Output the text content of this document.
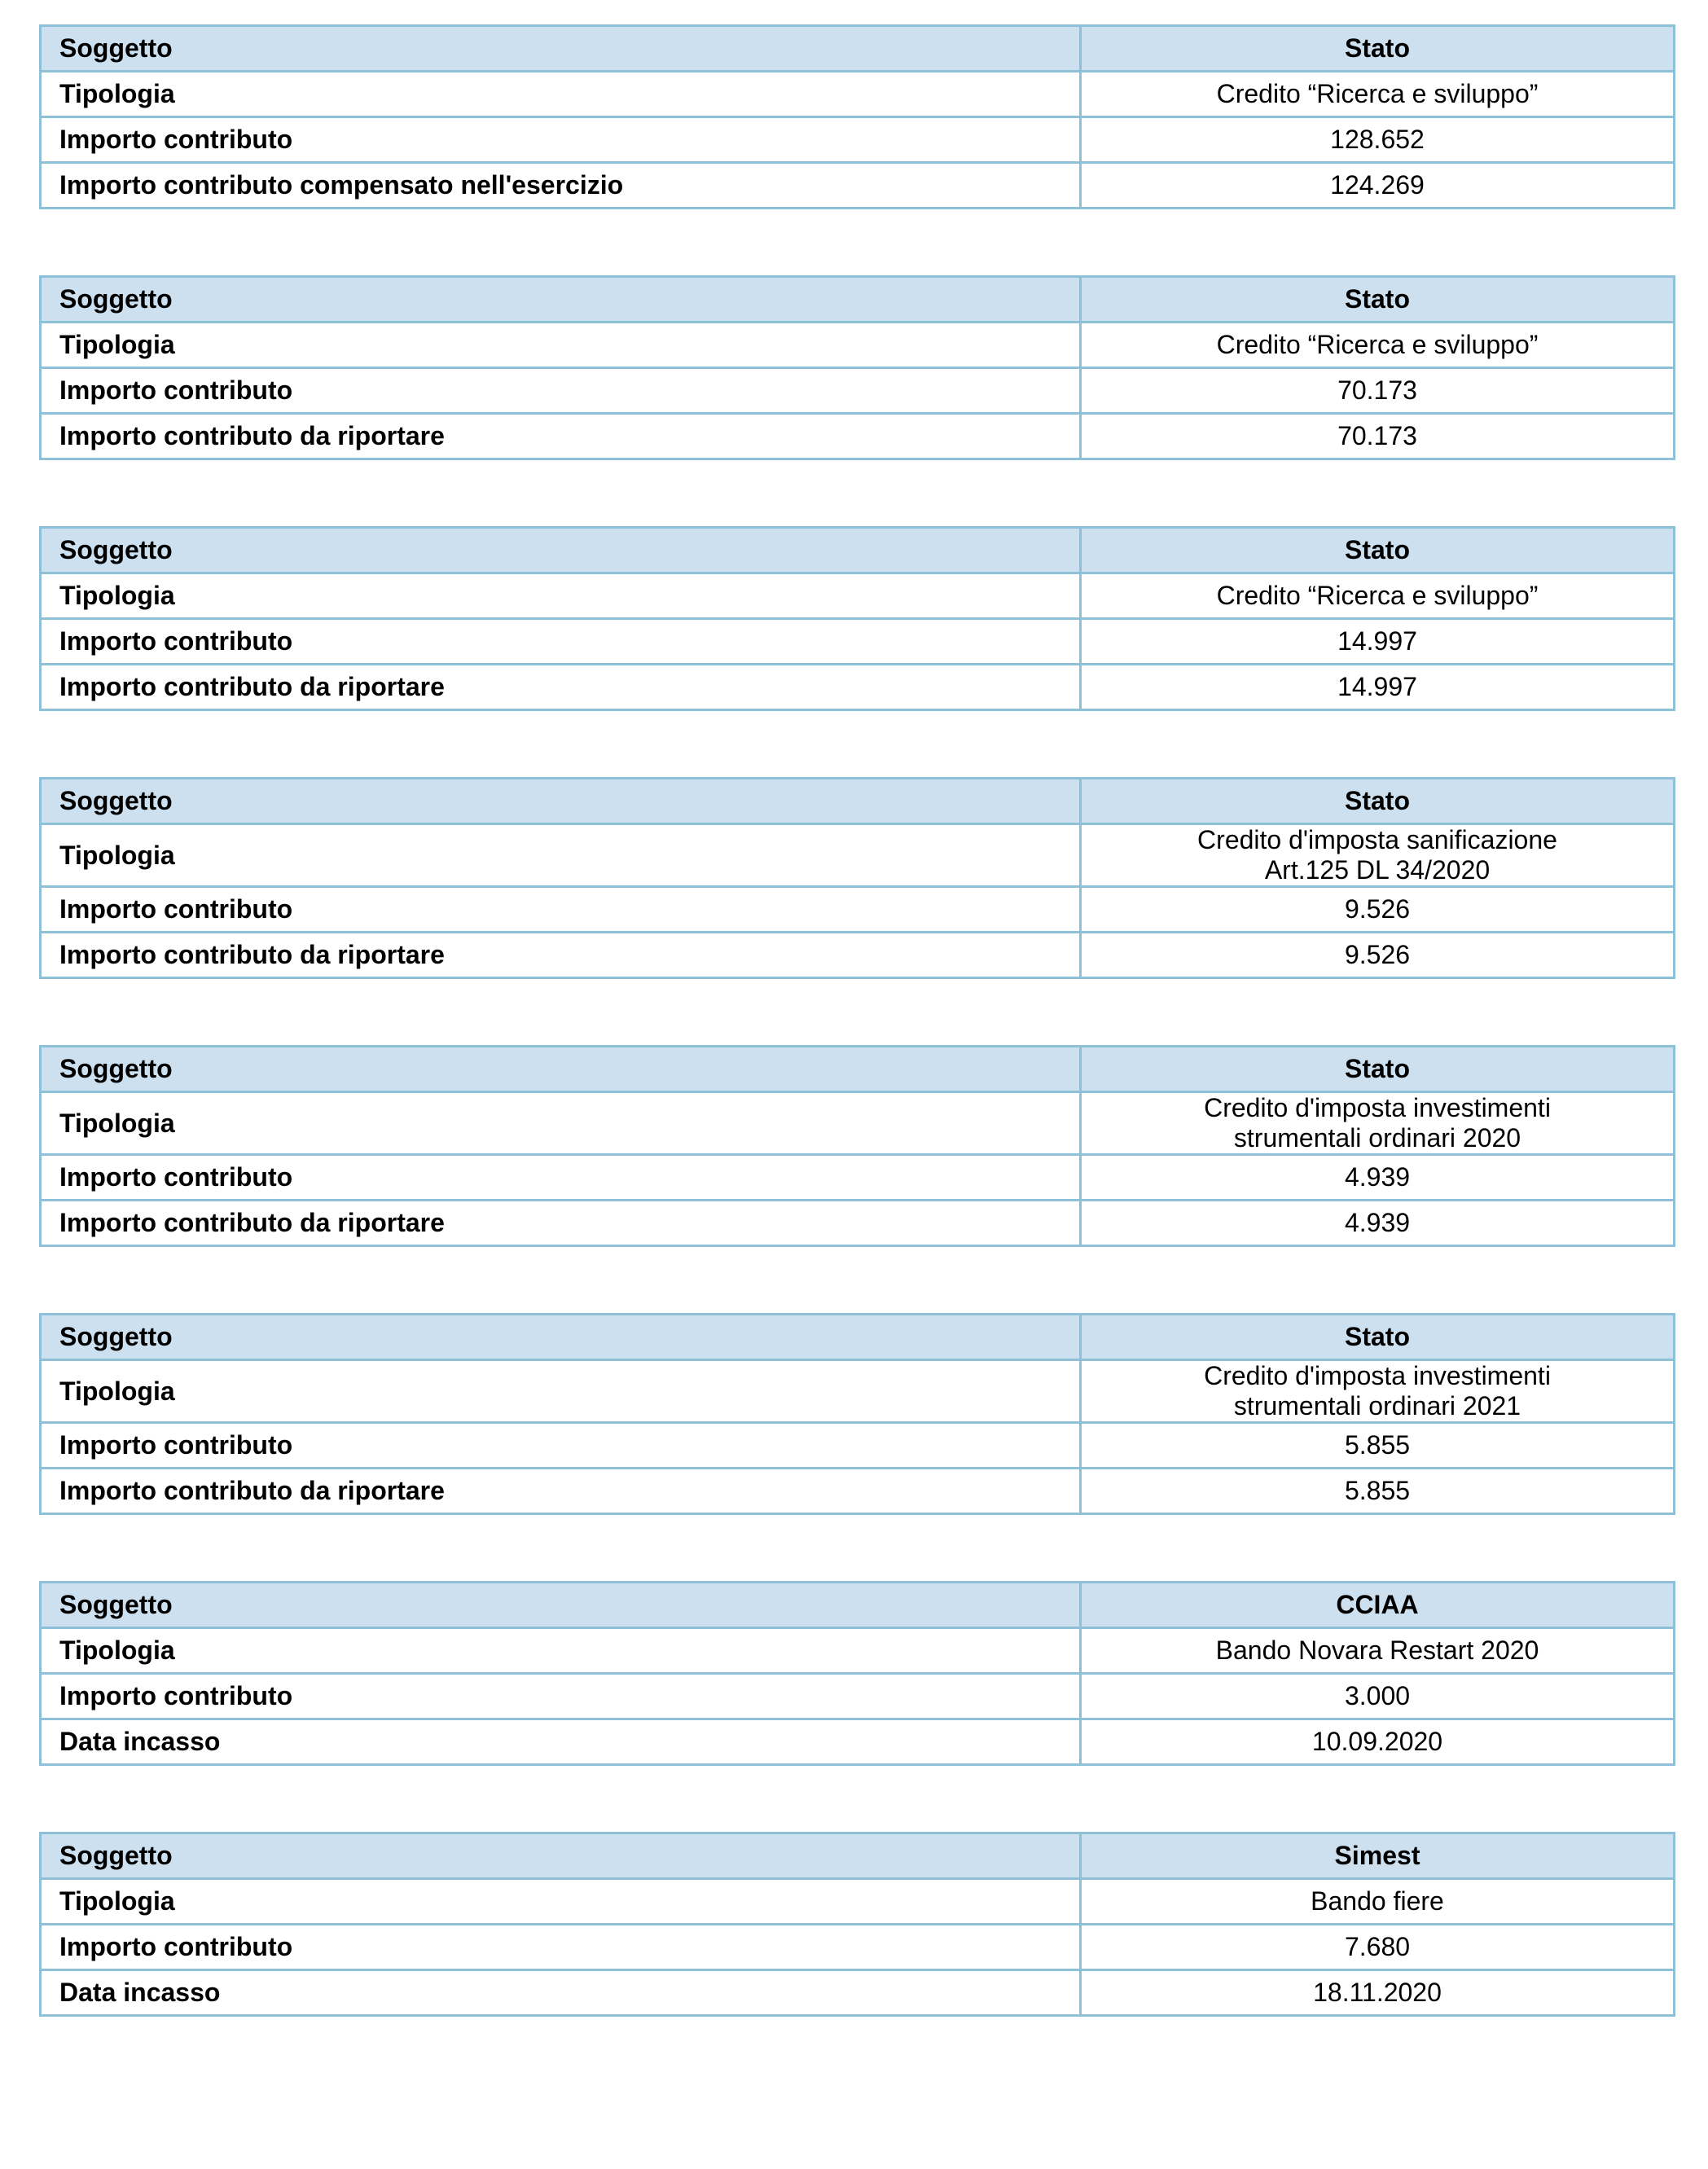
Soggetto	Stato
Tipologia	Credito “Ricerca e sviluppo”

Importo contributo	128.652
Importo contributo compensato nell'esercizio	124.269
Soggetto	Stato
Tipologia	Credito “Ricerca e sviluppo”

Importo contributo	70.173
Importo contributo da riportare	70.173
Soggetto	Stato
Tipologia	Credito “Ricerca e sviluppo”

Importo contributo	14.997
Importo contributo da riportare	14.997
Soggetto	Stato
Tipologia	Credito d'imposta sanificazione
Art.125 DL 34/2020

Importo contributo	9.526
Importo contributo da riportare	9.526
Soggetto	Stato
Tipologia	Credito d'imposta investimenti
strumentali ordinari 2020

Importo contributo	4.939
Importo contributo da riportare	4.939
Soggetto	Stato
Tipologia	Credito d'imposta investimenti
strumentali ordinari 2021

Importo contributo	5.855
Importo contributo da riportare	5.855
Soggetto	CCIAA
Tipologia	Bando Novara Restart 2020

Importo contributo	3.000
Data incasso	10.09.2020
Soggetto	Simest
Tipologia	Bando fiere

Importo contributo	7.680
Data incasso	18.11.2020
